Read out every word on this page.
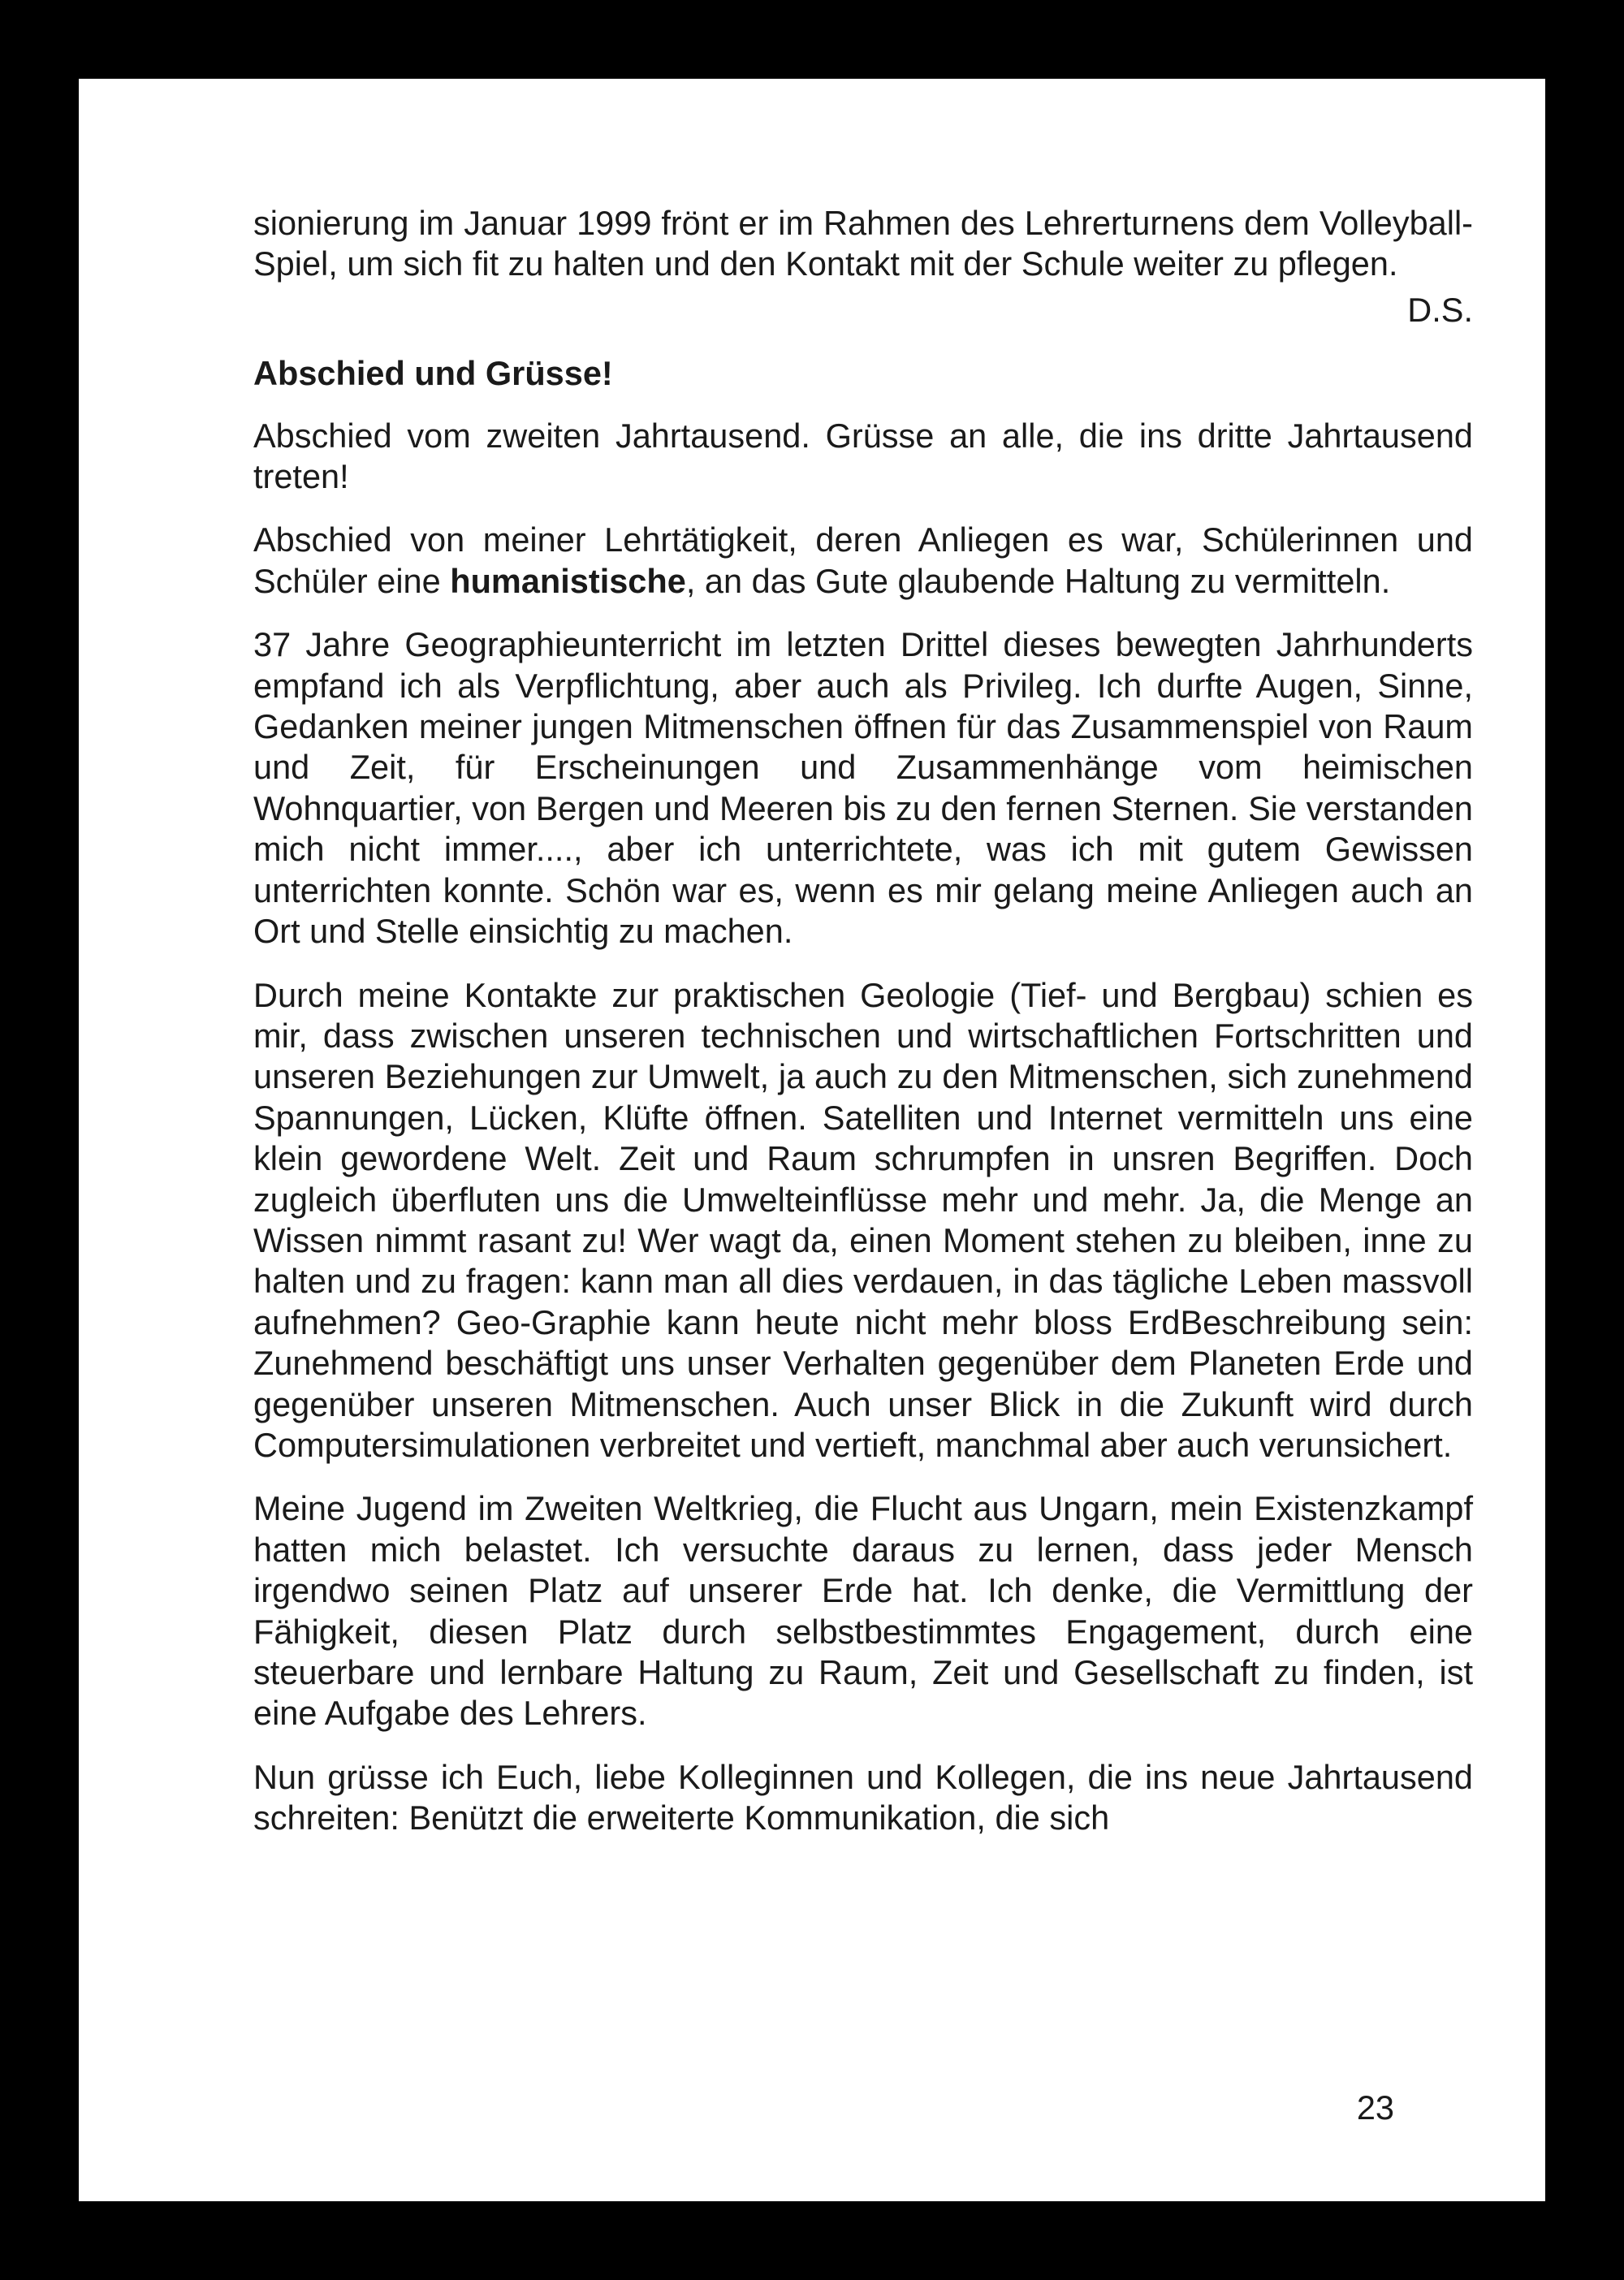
sionierung im Januar 1999 frönt er im Rahmen des Lehrerturnens dem Volleyball-Spiel, um sich fit zu halten und den Kontakt mit der Schule weiter zu pflegen.

D.S.
Abschied und Grüsse!

Abschied vom zweiten Jahrtausend. Grüsse an alle, die ins dritte Jahrtausend treten!

Abschied von meiner Lehrtätigkeit, deren Anliegen es war, Schülerinnen und Schüler eine humanistische, an das Gute glaubende Haltung zu vermitteln.

37 Jahre Geographieunterricht im letzten Drittel dieses bewegten Jahrhunderts empfand ich als Verpflichtung, aber auch als Privileg. Ich durfte Augen, Sinne, Gedanken meiner jungen Mitmenschen öffnen für das Zusammenspiel von Raum und Zeit, für Erscheinungen und Zusammenhänge vom heimischen Wohnquartier, von Bergen und Meeren bis zu den fernen Sternen. Sie verstanden mich nicht immer...., aber ich unterrichtete, was ich mit gutem Gewissen unterrichten konnte. Schön war es, wenn es mir gelang meine Anliegen auch an Ort und Stelle einsichtig zu machen.

Durch meine Kontakte zur praktischen Geologie (Tief- und Bergbau) schien es mir, dass zwischen unseren technischen und wirtschaftlichen Fortschritten und unseren Beziehungen zur Umwelt, ja auch zu den Mitmenschen, sich zunehmend Spannungen, Lücken, Klüfte öffnen. Satelliten und Internet vermitteln uns eine klein gewordene Welt. Zeit und Raum schrumpfen in unsren Begriffen. Doch zugleich überfluten uns die Umwelteinflüsse mehr und mehr. Ja, die Menge an Wissen nimmt rasant zu! Wer wagt da, einen Moment stehen zu bleiben, inne zu halten und zu fragen: kann man all dies verdauen, in das tägliche Leben massvoll aufnehmen? Geo-Graphie kann heute nicht mehr bloss ErdBeschreibung sein: Zunehmend beschäftigt uns unser Verhalten gegenüber dem Planeten Erde und gegenüber unseren Mitmenschen. Auch unser Blick in die Zukunft wird durch Computersimulationen verbreitet und vertieft, manchmal aber auch verunsichert.

Meine Jugend im Zweiten Weltkrieg, die Flucht aus Ungarn, mein Existenzkampf hatten mich belastet. Ich versuchte daraus zu lernen, dass jeder Mensch irgendwo seinen Platz auf unserer Erde hat. Ich denke, die Vermittlung der Fähigkeit, diesen Platz durch selbstbestimmtes Engagement, durch eine steuerbare und lernbare Haltung zu Raum, Zeit und Gesellschaft zu finden, ist eine Aufgabe des Lehrers.

Nun grüsse ich Euch, liebe Kolleginnen und Kollegen, die ins neue Jahrtausend schreiten: Benützt die erweiterte Kommunikation, die sich

23
